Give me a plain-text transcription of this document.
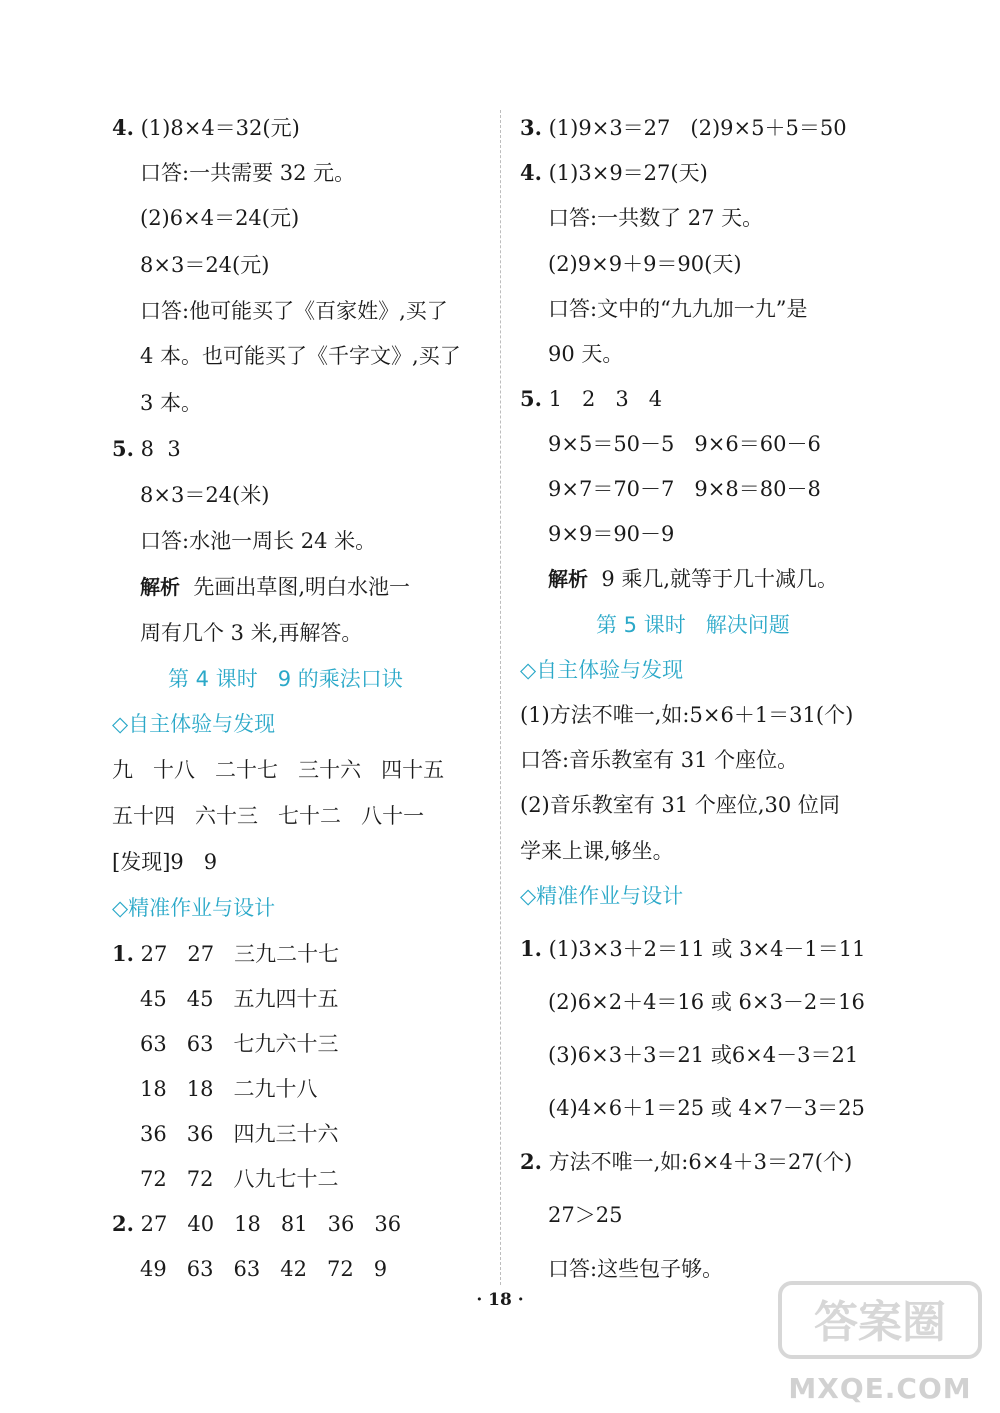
4. (1)8×4＝32(元)
口答:一共需要 32 元。
(2)6×4＝24(元)
8×3＝24(元)
口答:他可能买了《百家姓》,买了
4 本。也可能买了《千字文》,买了
3 本。
5. 8  3
8×3＝24(米)
口答:水池一周长 24 米。
解析  先画出草图,明白水池一
周有几个 3 米,再解答。
第 4 课时   9 的乘法口诀
◇自主体验与发现
九   十八   二十七   三十六   四十五
五十四   六十三   七十二   八十一
[发现]9   9
◇精准作业与设计
1. 27   27   三九二十七
45   45   五九四十五
63   63   七九六十三
18   18   二九十八
36   36   四九三十六
72   72   八九七十二
2. 27   40   18   81   36   36
49   63   63   42   72   9
3. (1)9×3＝27   (2)9×5＋5＝50
4. (1)3×9＝27(天)
口答:一共数了 27 天。
(2)9×9＋9＝90(天)
口答:文中的“九九加一九”是
90 天。
5. 1   2   3   4
9×5＝50－5   9×6＝60－6
9×7＝70－7   9×8＝80－8
9×9＝90－9
解析  9 乘几,就等于几十减几。
第 5 课时   解决问题
◇自主体验与发现
(1)方法不唯一,如:5×6＋1＝31(个)
口答:音乐教室有 31 个座位。
(2)音乐教室有 31 个座位,30 位同
学来上课,够坐。
◇精准作业与设计
1. (1)3×3＋2＝11 或 3×4－1＝11
(2)6×2＋4＝16 或 6×3－2＝16
(3)6×3＋3＝21 或6×4－3＝21
(4)4×6＋1＝25 或 4×7－3＝25
2. 方法不唯一,如:6×4＋3＝27(个)
27＞25
口答:这些包子够。
· 18 ·	答案圈
MXQE.COM
